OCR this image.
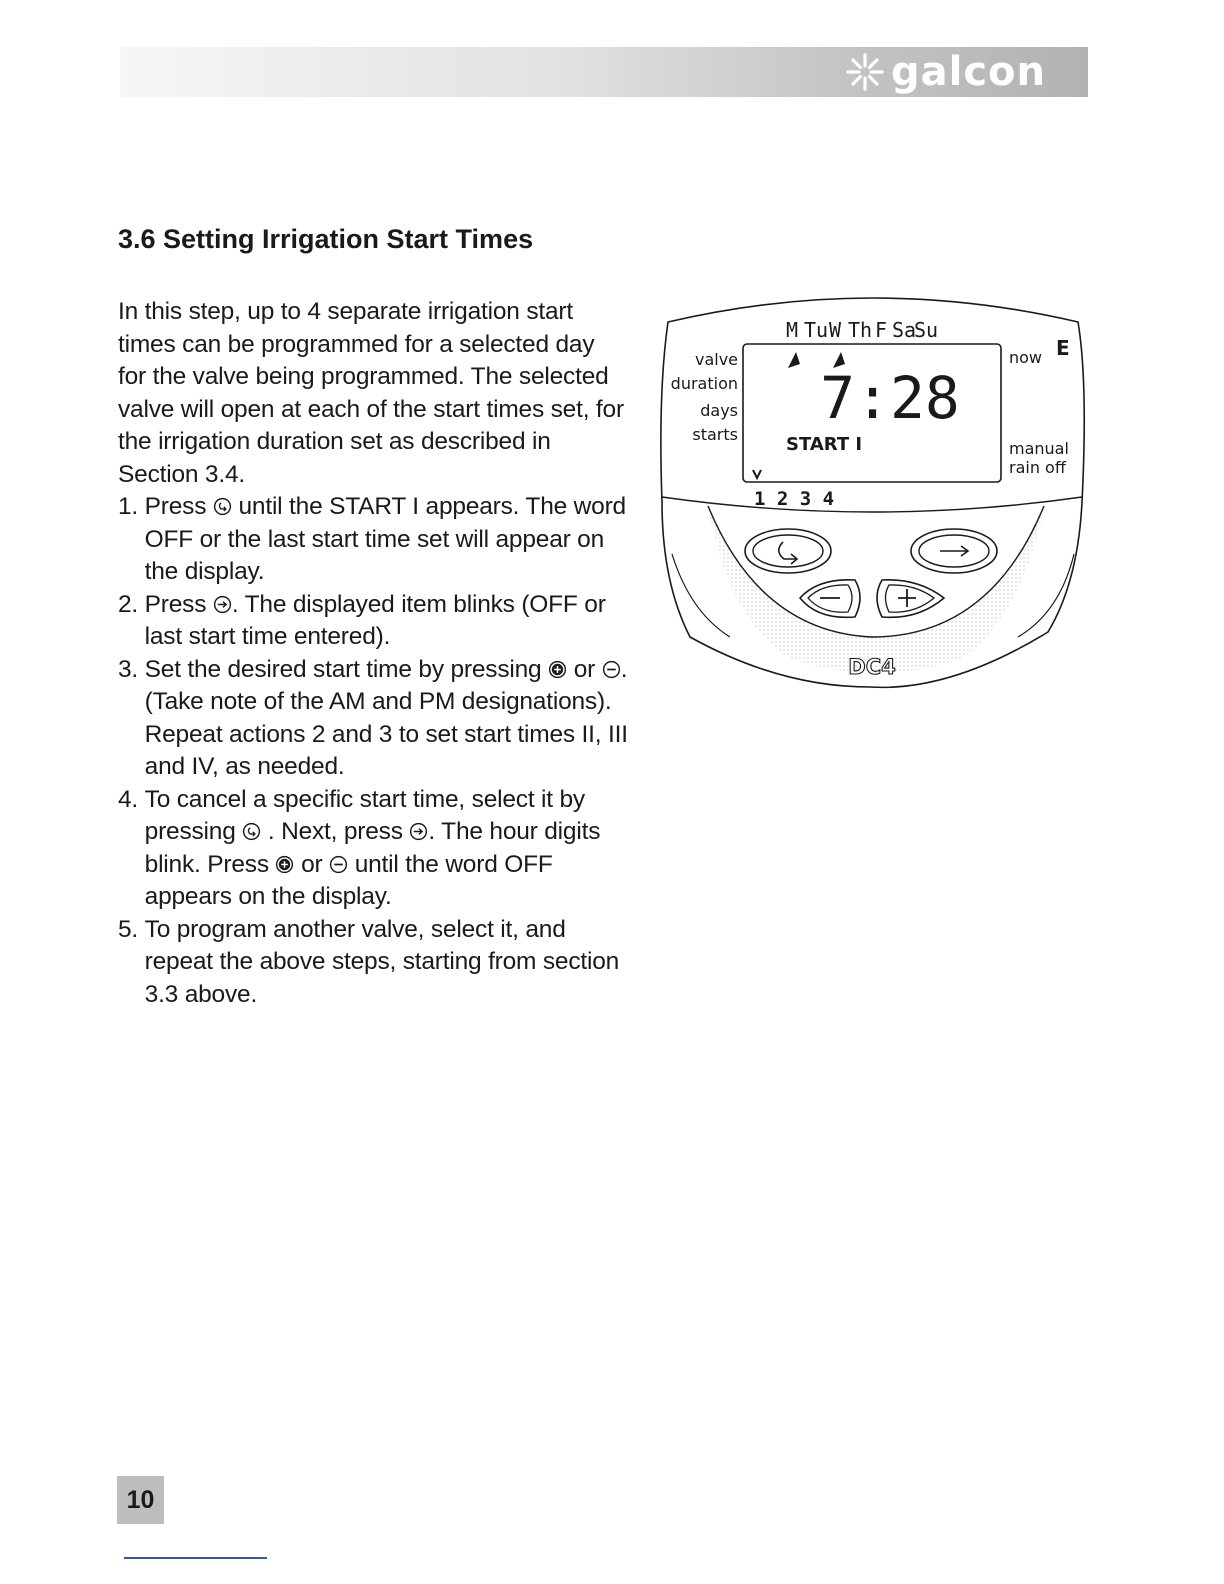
galcon
3.6 Setting Irrigation Start Times

In this step, up to 4 separate irrigation start times can be programmed for a selected day for the valve being programmed. The selected valve will open at each of the start times set, for the irrigation duration set as described in Section 3.4.

1. Press  until the START I appears. The word OFF or the last start time set will appear on the display.
2. Press . The displayed item blinks (OFF or last start time entered).
3. Set the desired start time by pressing  or . (Take note of the AM and PM designations). Repeat actions 2 and 3 to set start times II, III and IV, as needed.
4. To cancel a specific start time, select it by pressing  . Next, press . The hour digits blink. Press  or  until the word OFF appears on the display.
5. To program another valve, select it, and repeat the above steps, starting from section 3.3 above.
M Tu W Th F Sa
Su
valve
duration
days
starts
now
manual
rain off
E
7:28
START I
1 2 3 4
DC4
10
